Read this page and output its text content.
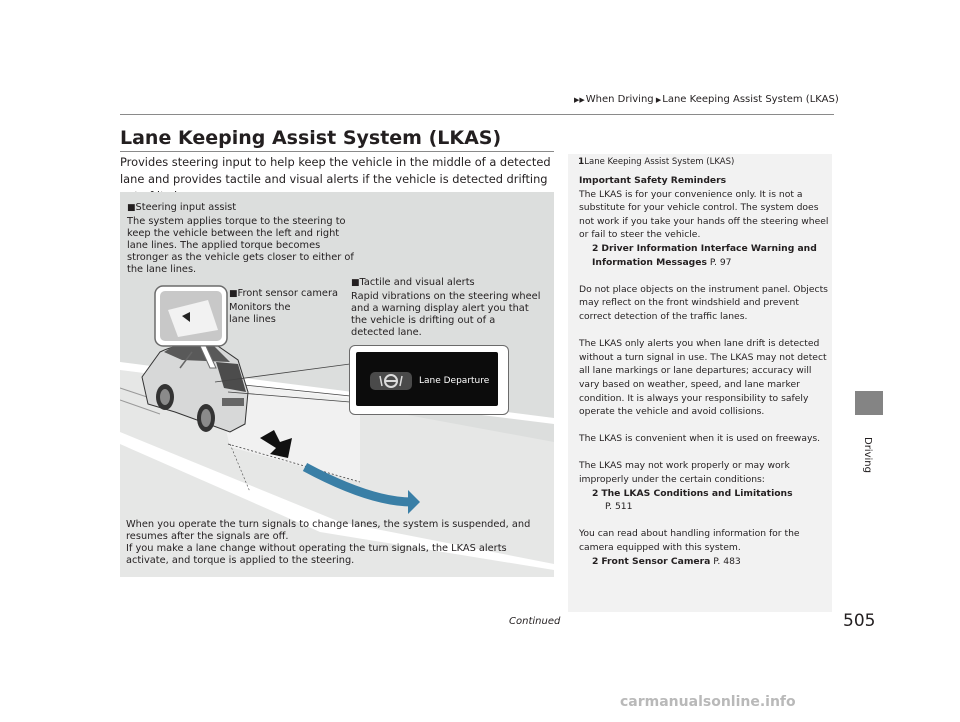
▶▶When Driving ▶Lane Keeping Assist System (LKAS)
Driving
Lane Keeping Assist System (LKAS)
Provides steering input to help keep the vehicle in the middle of a detected lane and provides tactile and visual alerts if the vehicle is detected drifting
Lane Departure
■Steering input assist
The system applies torque to the steering to keep the vehicle between the left and right lane lines. The applied torque becomes stronger as the vehicle gets closer to either of the lane lines.
■Front sensor camera
Monitors the lane lines
■Tactile and visual alerts
Rapid vibrations on the steering wheel and a warning display alert you that the vehicle is drifting out of a detected lane.
When you operate the turn signals to change lanes, the system is suspended, and resumes after the signals are off.
If you make a lane change without operating the turn signals, the LKAS alerts activate, and torque is applied to the steering.
1Lane Keeping Assist System (LKAS)
Important Safety Reminders
The LKAS is for your convenience only. It is not a substitute for your vehicle control. The system does not work if you take your hands off the steering wheel or fail to steer the vehicle.

2 Driver Information Interface Warning and Information Messages P. 97

Do not place objects on the instrument panel. Objects may reflect on the front windshield and prevent correct detection of the traffic lanes.

The LKAS only alerts you when lane drift is detected without a turn signal in use. The LKAS may not detect all lane markings or lane departures; accuracy will vary based on weather, speed, and lane marker condition. It is always your responsibility to safely operate the vehicle and avoid collisions.

The LKAS is convenient when it is used on freeways.

The LKAS may not work properly or may work improperly under the certain conditions:

2 The LKAS Conditions and Limitations
P. 511

You can read about handling information for the camera equipped with this system.
2 Front Sensor Camera P. 483
Continued	505
carmanualsonline.info
